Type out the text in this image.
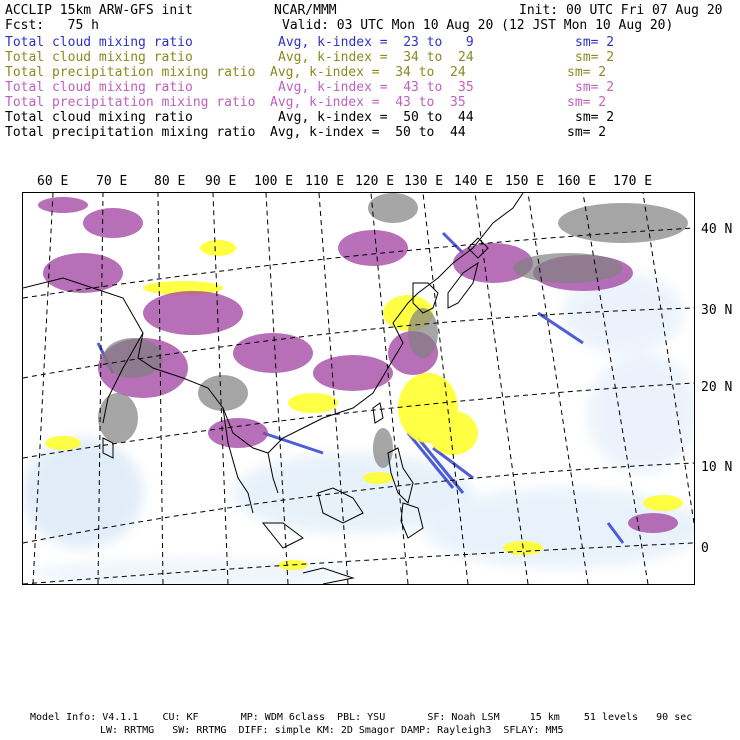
ACCLIP 15km ARW-GFS init	NCAR/MMM	Init: 00 UTC Fri 07 Aug 20
Fcst:   75 h	Valid: 03 UTC Mon 10 Aug 20 (12 JST Mon 10 Aug 20)
Total cloud mixing ratio	Avg, k-index =  23 to   9	sm= 2
Total cloud mixing ratio	Avg, k-index =  34 to  24	sm= 2
Total precipitation mixing ratio Avg, k-index =  34 to  24	sm= 2
Total cloud mixing ratio	Avg, k-index =  43 to  35	sm= 2
Total precipitation mixing ratio Avg, k-index =  43 to  35	sm= 2
Total cloud mixing ratio	Avg, k-index =  50 to  44	sm= 2
Total precipitation mixing ratio Avg, k-index =  50 to  44	sm= 2
60 E 70 E 80 E 90 E 100 E 110 E 120 E 130 E 140 E 150 E 160 E 170 E
40 N
30 N
20 N
10 N
0
Model Info: V4.1.1    CU: KF       MP: WDM 6class  PBL: YSU       SF: Noah LSM     15 km    51 levels   90 sec
LW: RRTMG   SW: RRTMG  DIFF: simple KM: 2D Smagor DAMP: Rayleigh3  SFLAY: MM5
